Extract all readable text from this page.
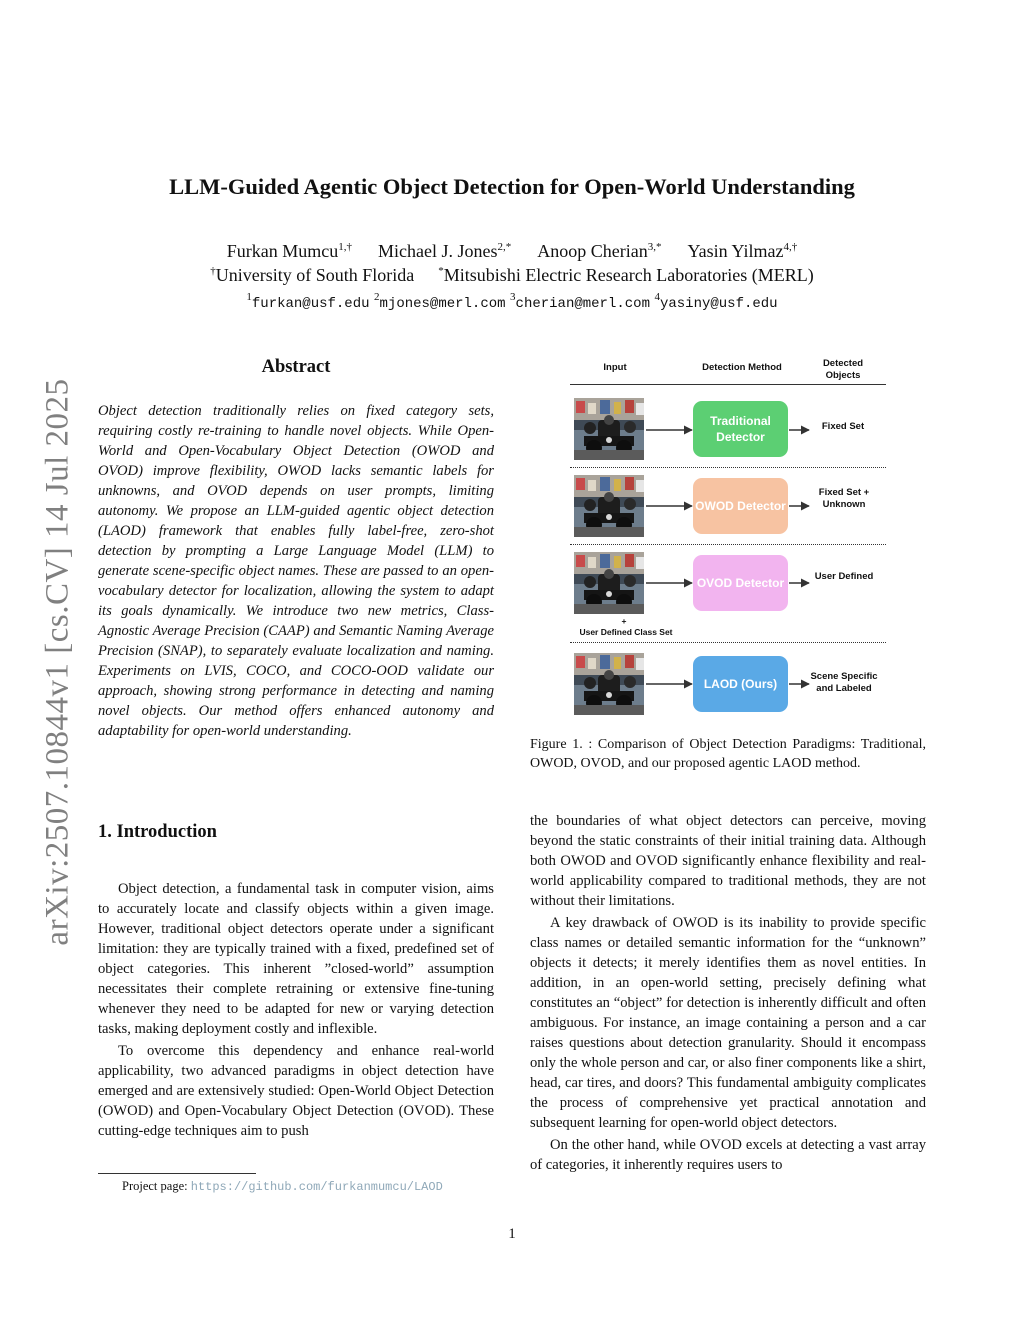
arXiv:2507.10844v1 [cs.CV] 14 Jul 2025
LLM-Guided Agentic Object Detection for Open-World Understanding
Furkan Mumcu$^{1,\dagger}$ Michael J. Jones$^{2,*}$ Anoop Cherian$^{3,*}$ Yasin Yilmaz$^{4,\dagger}$
†University of South Florida *Mitsubishi Electric Research Laboratories (MERL)
$^1$furkan@usf.edu $^2$mjones@merl.com $^3$cherian@merl.com $^4$yasiny@usf.edu
Abstract

Object detection traditionally relies on fixed category sets, requiring costly re-training to handle novel objects. While Open-World and Open-Vocabulary Object Detection (OWOD and OVOD) improve flexibility, OWOD lacks semantic labels for unknowns, and OVOD depends on user prompts, limiting autonomy. We propose an LLM-guided agentic object detection (LAOD) framework that enables fully label-free, zero-shot detection by prompting a Large Language Model (LLM) to generate scene-specific object names. These are passed to an open-vocabulary detector for localization, allowing the system to adapt its goals dynamically. We introduce two new metrics, Class-Agnostic Average Precision (CAAP) and Semantic Naming Average Precision (SNAP), to separately evaluate localization and naming. Experiments on LVIS, COCO, and COCO-OOD validate our approach, showing strong performance in detecting and naming novel objects. Our method offers enhanced autonomy and adaptability for open-world understanding.

1. Introduction

Object detection, a fundamental task in computer vision, aims to accurately locate and classify objects within a given image. However, traditional object detectors operate under a significant limitation: they are typically trained with a fixed, predefined set of object categories. This inherent ”closed-world” assumption necessitates their complete retraining or extensive fine-tuning whenever they need to be adapted for new or varying detection tasks, making deployment costly and inflexible.

To overcome this dependency and enhance real-world applicability, two advanced paradigms in object detection have emerged and are extensively studied: Open-World Object Detection (OWOD) and Open-Vocabulary Object Detection (OVOD). These cutting-edge techniques aim to push

the boundaries of what object detectors can perceive, moving beyond the static constraints of their initial training data. Although both OWOD and OVOD significantly enhance flexibility and real-world applicability compared to traditional methods, they are not without their limitations.

A key drawback of OWOD is its inability to provide specific class names or detailed semantic information for the “unknown” objects it detects; it merely identifies them as novel entities. In addition, in an open-world setting, precisely defining what constitutes an “object” for detection is inherently difficult and often ambiguous. For instance, an image containing a person and a car raises questions about detection granularity. Should it encompass only the whole person and car, or also finer components like a shirt, head, car tires, and doors? This fundamental ambiguity complicates the process of comprehensive yet practical annotation and subsequent learning for open-world object detectors.

On the other hand, while OVOD excels at detecting a vast array of categories, it inherently requires users to

Input	Detection Method	Detected Objects
Traditional Detector
Fixed Set
OWOD Detector
Fixed Set + Unknown
OVOD Detector	User Defined
+
User Defined Class Set
LAOD (Ours)
Scene Specific and Labeled
Figure 1. : Comparison of Object Detection Paradigms: Traditional, OWOD, OVOD, and our proposed agentic LAOD method.
Project page: https://github.com/furkanmumcu/LAOD
1
